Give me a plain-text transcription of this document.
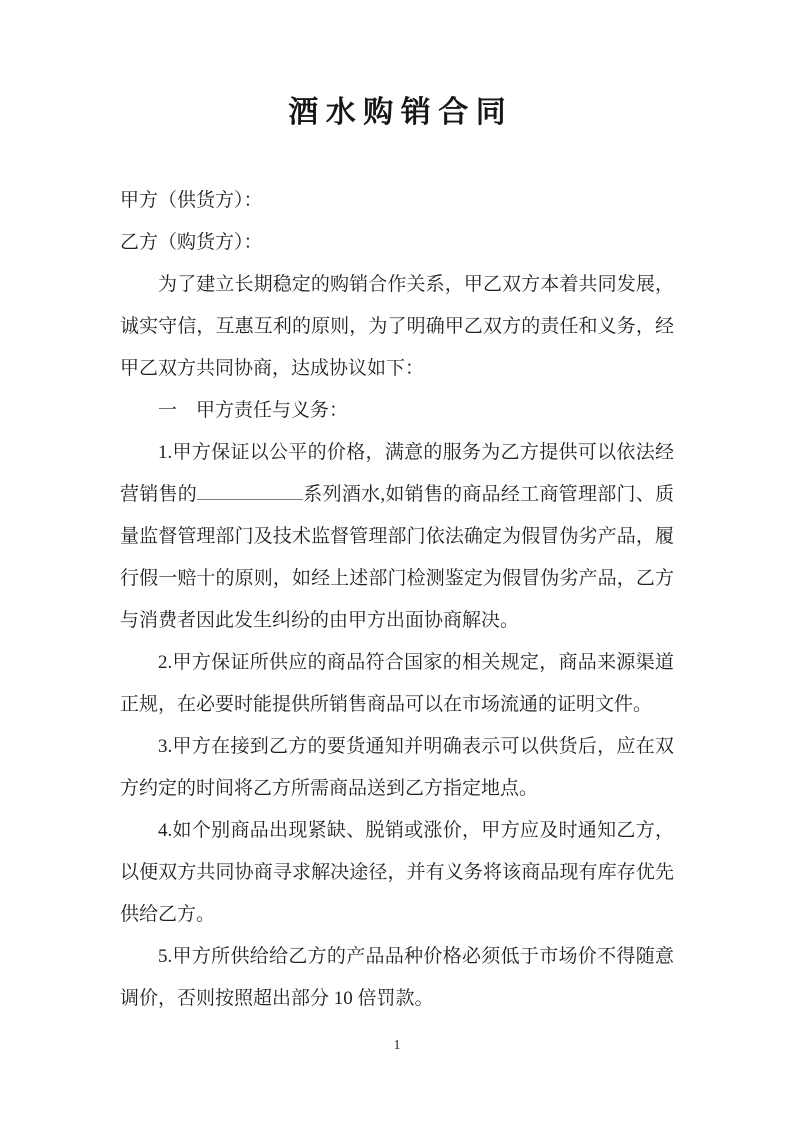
酒 水 购 销 合 同

甲方（供货方）：

乙方（购货方）：

为了建立长期稳定的购销合作关系，甲乙双方本着共同发展，诚实守信，互惠互利的原则，为了明确甲乙双方的责任和义务，经甲乙双方共同协商，达成协议如下：

一　甲方责任与义务：

1.甲方保证以公平的价格，满意的服务为乙方提供可以依法经营销售的	系列酒水,如销售的商品经工商管理部门、质量监督管理部门及技术监督管理部门依法确定为假冒伪劣产品，履行假一赔十的原则，如经上述部门检测鉴定为假冒伪劣产品，乙方与消费者因此发生纠纷的由甲方出面协商解决。

2.甲方保证所供应的商品符合国家的相关规定，商品来源渠道正规，在必要时能提供所销售商品可以在市场流通的证明文件。

3.甲方在接到乙方的要货通知并明确表示可以供货后，应在双方约定的时间将乙方所需商品送到乙方指定地点。

4.如个别商品出现紧缺、脱销或涨价，甲方应及时通知乙方，以便双方共同协商寻求解决途径，并有义务将该商品现有库存优先供给乙方。

5.甲方所供给给乙方的产品品种价格必须低于市场价不得随意调价，否则按照超出部分 10 倍罚款。

1
